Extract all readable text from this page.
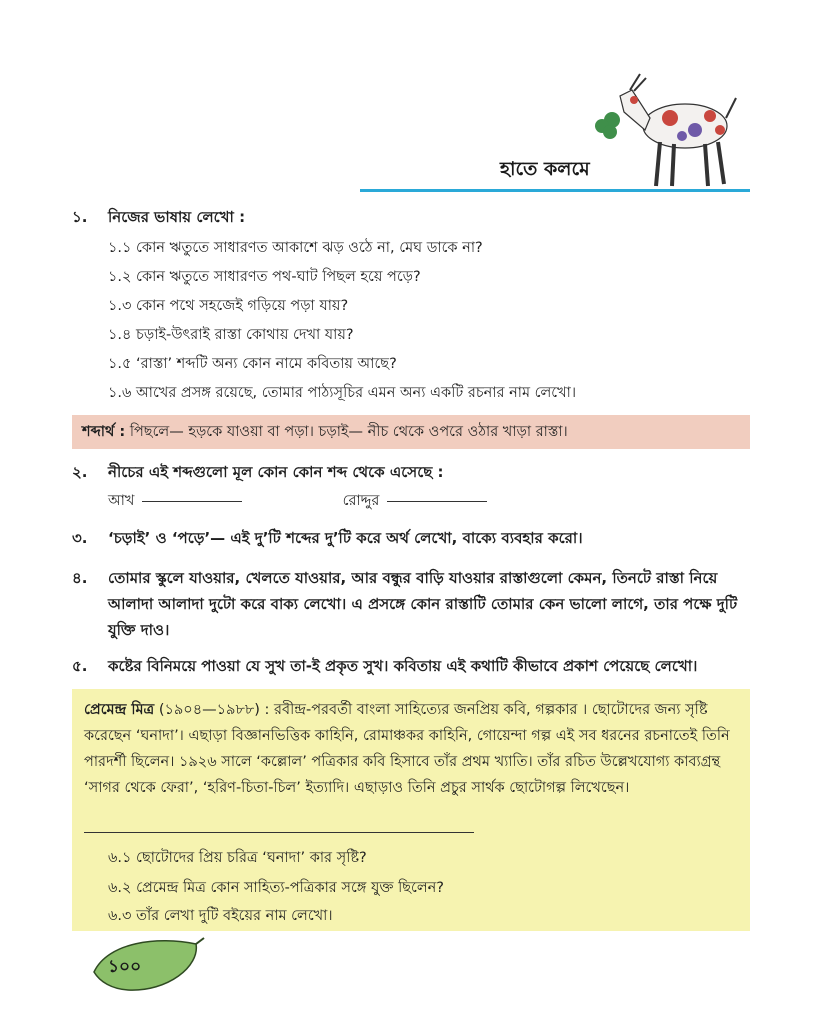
হাতে কলমে
১.	নিজের ভাষায় লেখো :
১.১ কোন ঋতুতে সাধারণত আকাশে ঝড় ওঠে না, মেঘ ডাকে না?
১.২ কোন ঋতুতে সাধারণত পথ-ঘাট পিছল হয়ে পড়ে?
১.৩ কোন পথে সহজেই গড়িয়ে পড়া যায়?
১.৪ চড়াই-উৎরাই রাস্তা কোথায় দেখা যায়?
১.৫ ‘রাস্তা’ শব্দটি অন্য কোন নামে কবিতায় আছে?
১.৬ আখের প্রসঙ্গ রয়েছে, তোমার পাঠ্যসূচির এমন অন্য একটি রচনার নাম লেখো।
শব্দার্থ : পিছলে— হড়কে যাওয়া বা পড়া। চড়াই— নীচ থেকে ওপরে ওঠার খাড়া রাস্তা।
২.	নীচের এই শব্দগুলো মূল কোন কোন শব্দ থেকে এসেছে :
আখ	রোদ্দুর
৩.	‘চড়াই’ ও ‘পড়ে’— এই দু’টি শব্দের দু’টি করে অর্থ লেখো, বাক্যে ব্যবহার করো।
৪. তোমার স্কুলে যাওয়ার, খেলতে যাওয়ার, আর বন্ধুর বাড়ি যাওয়ার রাস্তাগুলো কেমন, তিনটে রাস্তা নিয়ে আলাদা আলাদা দুটো করে বাক্য লেখো। এ প্রসঙ্গে কোন রাস্তাটি তোমার কেন ভালো লাগে, তার পক্ষে দুটি যুক্তি দাও।
৫.	কষ্টের বিনিময়ে পাওয়া যে সুখ তা-ই প্রকৃত সুখ। কবিতায় এই কথাটি কীভাবে প্রকাশ পেয়েছে লেখো।
প্রেমেন্দ্র মিত্র (১৯০৪—১৯৮৮) : রবীন্দ্র-পরবর্তী বাংলা সাহিত্যের জনপ্রিয় কবি, গল্পকার । ছোটোদের জন্য সৃষ্টি করেছেন ‘ঘনাদা’। এছাড়া বিজ্ঞানভিত্তিক কাহিনি, রোমাঞ্চকর কাহিনি, গোয়েন্দা গল্প এই সব ধরনের রচনাতেই তিনি পারদর্শী ছিলেন। ১৯২৬ সালে ‘কল্লোল’ পত্রিকার কবি হিসাবে তাঁর প্রথম খ্যাতি। তাঁর রচিত উল্লেখযোগ্য কাব্যগ্রন্থ ‘সাগর থেকে ফেরা’, ‘হরিণ-চিতা-চিল’ ইত্যাদি। এছাড়াও তিনি প্রচুর সার্থক ছোটোগল্প লিখেছেন।
৬.১ ছোটোদের প্রিয় চরিত্র ‘ঘনাদা’ কার সৃষ্টি?
৬.২ প্রেমেন্দ্র মিত্র কোন সাহিত্য-পত্রিকার সঙ্গে যুক্ত ছিলেন?
৬.৩ তাঁর লেখা দুটি বইয়ের নাম লেখো।
১০০
